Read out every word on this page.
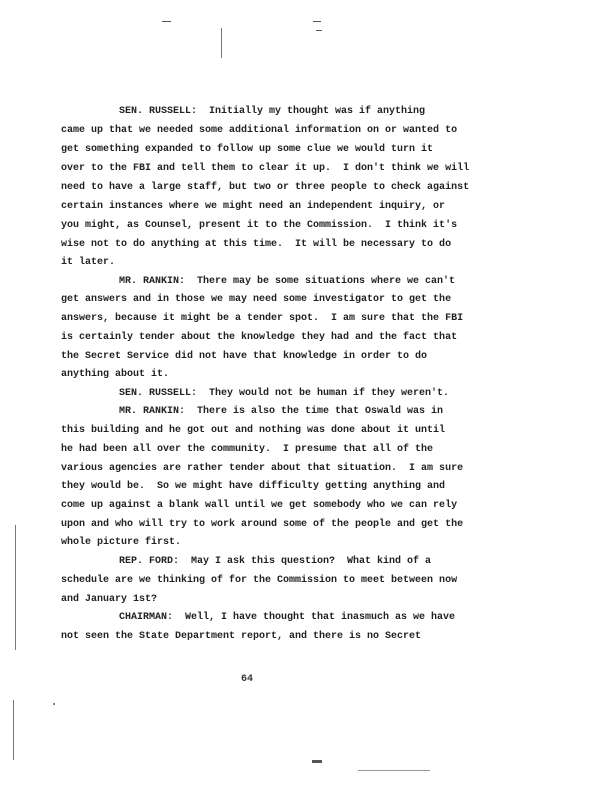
SEN. RUSSELL:  Initially my thought was if anything
came up that we needed some additional information on or wanted to
get something expanded to follow up some clue we would turn it
over to the FBI and tell them to clear it up.  I don't think we will
need to have a large staff, but two or three people to check against
certain instances where we might need an independent inquiry, or
you might, as Counsel, present it to the Commission.  I think it's
wise not to do anything at this time.  It will be necessary to do
it later.
MR. RANKIN:  There may be some situations where we can't
get answers and in those we may need some investigator to get the
answers, because it might be a tender spot.  I am sure that the FBI
is certainly tender about the knowledge they had and the fact that
the Secret Service did not have that knowledge in order to do
anything about it.
SEN. RUSSELL:  They would not be human if they weren't.
MR. RANKIN:  There is also the time that Oswald was in
this building and he got out and nothing was done about it until
he had been all over the community.  I presume that all of the
various agencies are rather tender about that situation.  I am sure
they would be.  So we might have difficulty getting anything and
come up against a blank wall until we get somebody who we can rely
upon and who will try to work around some of the people and get the
whole picture first.
REP. FORD:  May I ask this question?  What kind of a
schedule are we thinking of for the Commission to meet between now
and January 1st?
CHAIRMAN:  Well, I have thought that inasmuch as we have
not seen the State Department report, and there is no Secret
64
